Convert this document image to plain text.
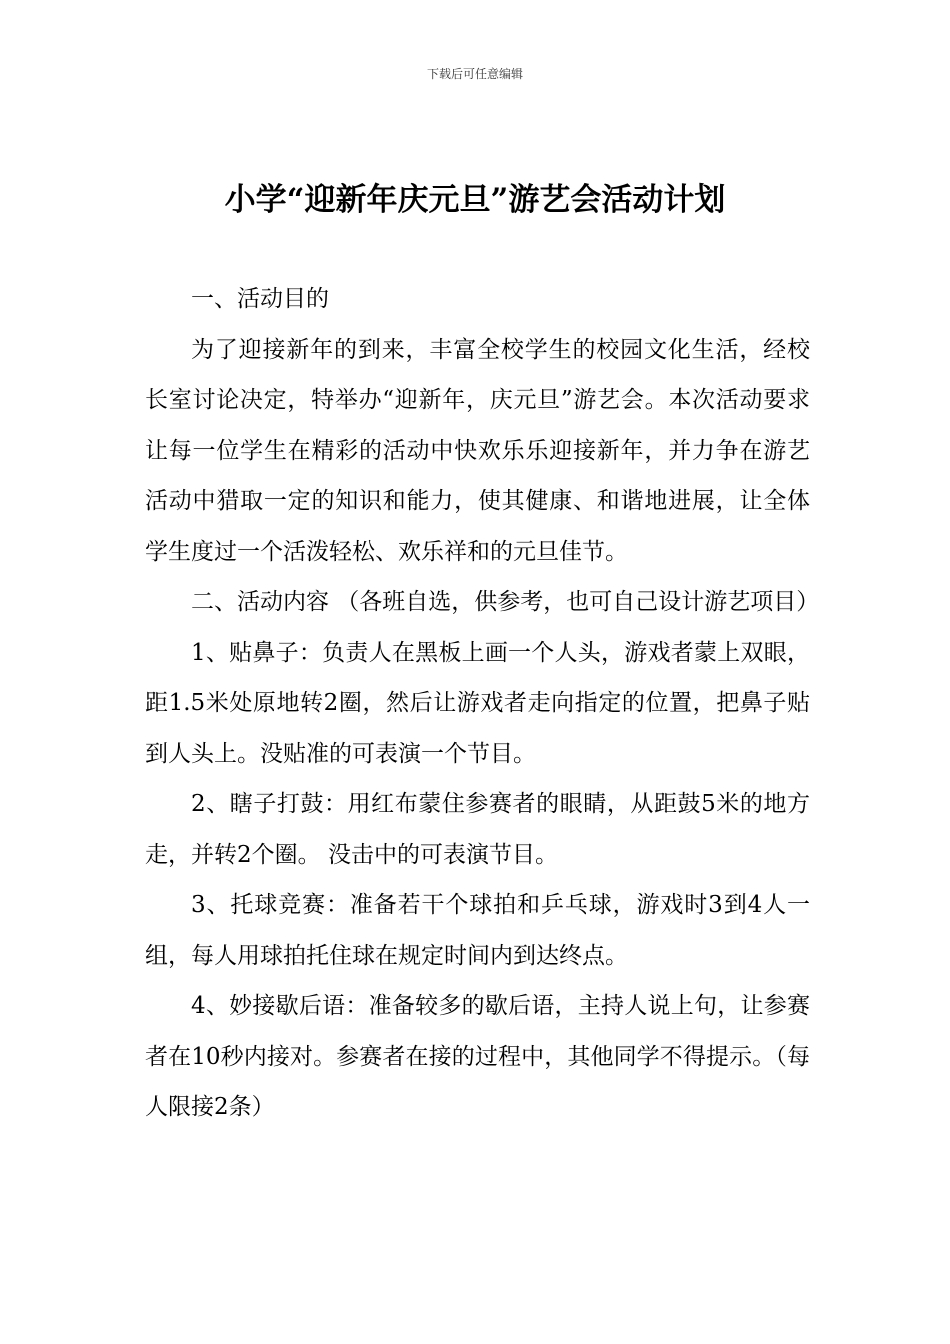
下载后可任意编辑
小学“迎新年庆元旦”游艺会活动计划

一、活动目的

为了迎接新年的到来，丰富全校学生的校园文化生活，经校长室讨论决定，特举办“迎新年，庆元旦”游艺会。本次活动要求让每一位学生在精彩的活动中快欢乐乐迎接新年，并力争在游艺活动中猎取一定的知识和能力，使其健康、和谐地进展，让全体学生度过一个活泼轻松、欢乐祥和的元旦佳节。

二、活动内容 （各班自选，供参考，也可自己设计游艺项目）

1、贴鼻子：负责人在黑板上画一个人头，游戏者蒙上双眼，距1.5米处原地转2圈，然后让游戏者走向指定的位置，把鼻子贴到人头上。没贴准的可表演一个节目。

2、瞎子打鼓：用红布蒙住参赛者的眼睛，从距鼓5米的地方走，并转2个圈。 没击中的可表演节目。

3、托球竞赛：准备若干个球拍和乒乓球，游戏时3到4人一组，每人用球拍托住球在规定时间内到达终点。

4、妙接歇后语：准备较多的歇后语，主持人说上句，让参赛者在10秒内接对。参赛者在接的过程中，其他同学不得提示。（每人限接2条）
